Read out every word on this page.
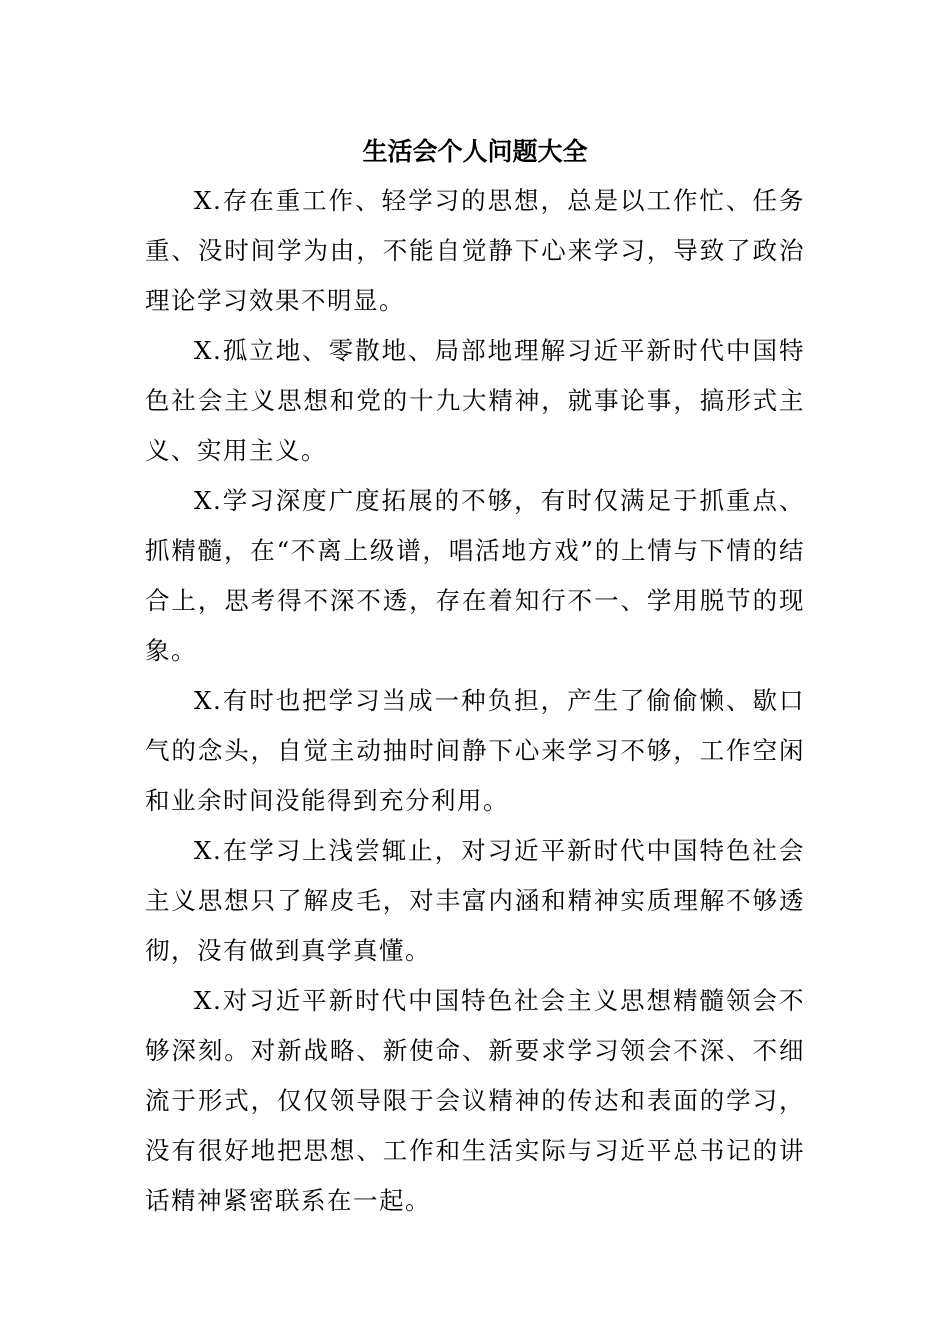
生活会个人问题大全

X.存在重工作、轻学习的思想，总是以工作忙、任务重、没时间学为由，不能自觉静下心来学习，导致了政治理论学习效果不明显。

X.孤立地、零散地、局部地理解习近平新时代中国特色社会主义思想和党的十九大精神，就事论事，搞形式主义、实用主义。

X.学习深度广度拓展的不够，有时仅满足于抓重点、抓精髓，在“不离上级谱，唱活地方戏”的上情与下情的结合上，思考得不深不透，存在着知行不一、学用脱节的现象。

X.有时也把学习当成一种负担，产生了偷偷懒、歇口气的念头，自觉主动抽时间静下心来学习不够，工作空闲和业余时间没能得到充分利用。

X.在学习上浅尝辄止，对习近平新时代中国特色社会主义思想只了解皮毛，对丰富内涵和精神实质理解不够透彻，没有做到真学真懂。

X.对习近平新时代中国特色社会主义思想精髓领会不够深刻。对新战略、新使命、新要求学习领会不深、不细流于形式，仅仅领导限于会议精神的传达和表面的学习，没有很好地把思想、工作和生活实际与习近平总书记的讲话精神紧密联系在一起。
